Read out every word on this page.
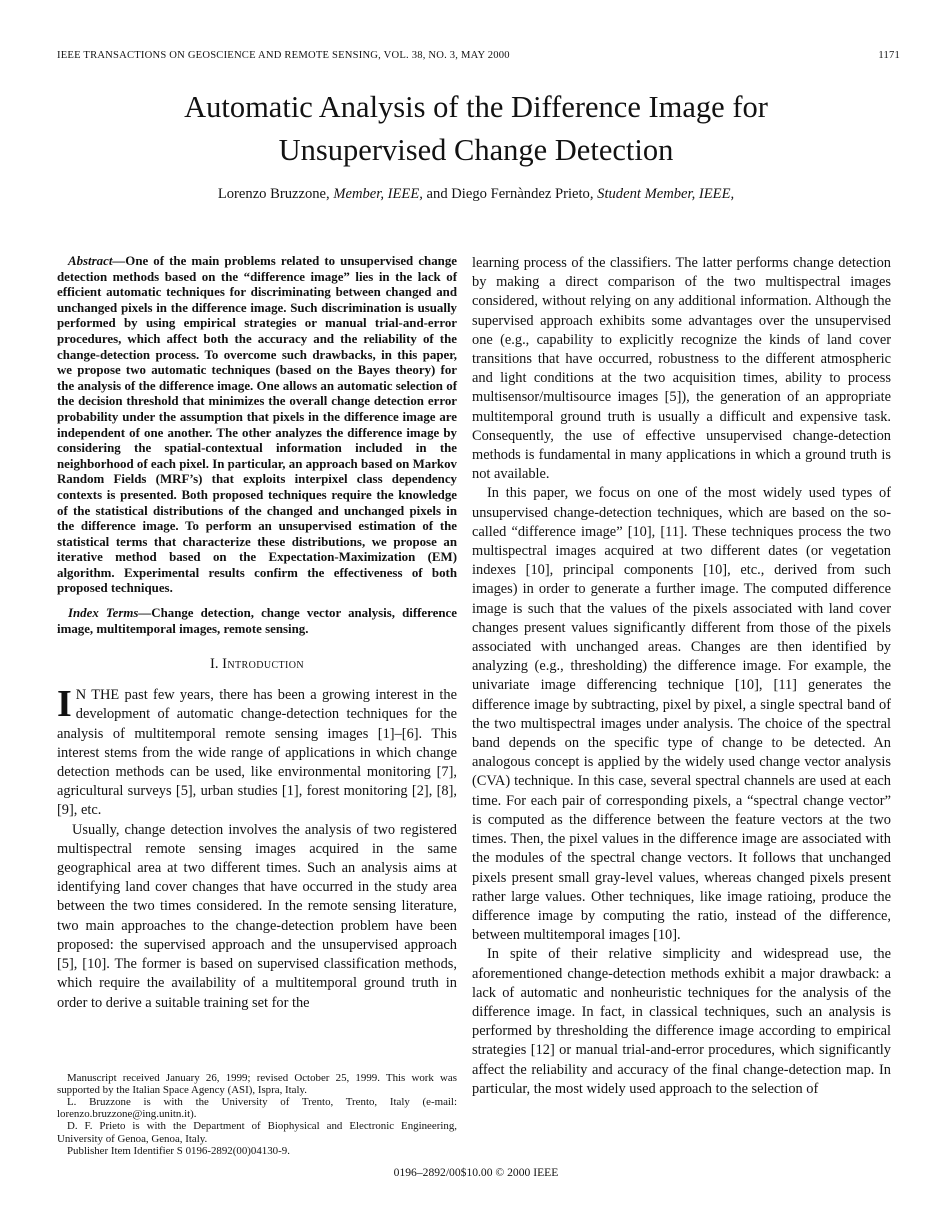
IEEE TRANSACTIONS ON GEOSCIENCE AND REMOTE SENSING, VOL. 38, NO. 3, MAY 2000	1171
Automatic Analysis of the Difference Image for
Unsupervised Change Detection
Lorenzo Bruzzone, Member, IEEE, and Diego Fernàndez Prieto, Student Member, IEEE,

Abstract—One of the main problems related to unsupervised change detection methods based on the “difference image” lies in the lack of efficient automatic techniques for discriminating between changed and unchanged pixels in the difference image. Such discrimination is usually performed by using empirical strategies or manual trial-and-error procedures, which affect both the accuracy and the reliability of the change-detection process. To overcome such drawbacks, in this paper, we propose two automatic techniques (based on the Bayes theory) for the analysis of the difference image. One allows an automatic selection of the decision threshold that minimizes the overall change detection error probability under the assumption that pixels in the difference image are independent of one another. The other analyzes the difference image by considering the spatial-contextual information included in the neighborhood of each pixel. In particular, an approach based on Markov Random Fields (MRF’s) that exploits interpixel class dependency contexts is presented. Both proposed techniques require the knowledge of the statistical distributions of the changed and unchanged pixels in the difference image. To perform an unsupervised estimation of the statistical terms that characterize these distributions, we propose an iterative method based on the Expectation-Maximization (EM) algorithm. Experimental results confirm the effectiveness of both proposed techniques.

Index Terms—Change detection, change vector analysis, difference image, multitemporal images, remote sensing.

I. Introduction

I N THE past few years, there has been a growing interest in the development of automatic change-detection techniques for the analysis of multitemporal remote sensing images [1]–[6]. This interest stems from the wide range of applications in which change detection methods can be used, like environmental monitoring [7], agricultural surveys [5], urban studies [1], forest monitoring [2], [8], [9], etc.

Usually, change detection involves the analysis of two registered multispectral remote sensing images acquired in the same geographical area at two different times. Such an analysis aims at identifying land cover changes that have occurred in the study area between the two times considered. In the remote sensing literature, two main approaches to the change-detection problem have been proposed: the supervised approach and the unsupervised approach [5], [10]. The former is based on supervised classification methods, which require the availability of a multitemporal ground truth in order to derive a suitable training set for the

Manuscript received January 26, 1999; revised October 25, 1999. This work was supported by the Italian Space Agency (ASI), Ispra, Italy.

L. Bruzzone is with the University of Trento, Trento, Italy (e-mail: lorenzo.bruzzone@ing.unitn.it).

D. F. Prieto is with the Department of Biophysical and Electronic Engineering, University of Genoa, Genoa, Italy.

Publisher Item Identifier S 0196-2892(00)04130-9.

learning process of the classifiers. The latter performs change detection by making a direct comparison of the two multispectral images considered, without relying on any additional information. Although the supervised approach exhibits some advantages over the unsupervised one (e.g., capability to explicitly recognize the kinds of land cover transitions that have occurred, robustness to the different atmospheric and light conditions at the two acquisition times, ability to process multisensor/multisource images [5]), the generation of an appropriate multitemporal ground truth is usually a difficult and expensive task. Consequently, the use of effective unsupervised change-detection methods is fundamental in many applications in which a ground truth is not available.

In this paper, we focus on one of the most widely used types of unsupervised change-detection techniques, which are based on the so-called “difference image” [10], [11]. These techniques process the two multispectral images acquired at two different dates (or vegetation indexes [10], principal components [10], etc., derived from such images) in order to generate a further image. The computed difference image is such that the values of the pixels associated with land cover changes present values significantly different from those of the pixels associated with unchanged areas. Changes are then identified by analyzing (e.g., thresholding) the difference image. For example, the univariate image differencing technique [10], [11] generates the difference image by subtracting, pixel by pixel, a single spectral band of the two multispectral images under analysis. The choice of the spectral band depends on the specific type of change to be detected. An analogous concept is applied by the widely used change vector analysis (CVA) technique. In this case, several spectral channels are used at each time. For each pair of corresponding pixels, a “spectral change vector” is computed as the difference between the feature vectors at the two times. Then, the pixel values in the difference image are associated with the modules of the spectral change vectors. It follows that unchanged pixels present small gray-level values, whereas changed pixels present rather large values. Other techniques, like image ratioing, produce the difference image by computing the ratio, instead of the difference, between multitemporal images [10].

In spite of their relative simplicity and widespread use, the aforementioned change-detection methods exhibit a major drawback: a lack of automatic and nonheuristic techniques for the analysis of the difference image. In fact, in classical techniques, such an analysis is performed by thresholding the difference image according to empirical strategies [12] or manual trial-and-error procedures, which significantly affect the reliability and accuracy of the final change-detection map. In particular, the most widely used approach to the selection of

0196–2892/00$10.00 © 2000 IEEE
